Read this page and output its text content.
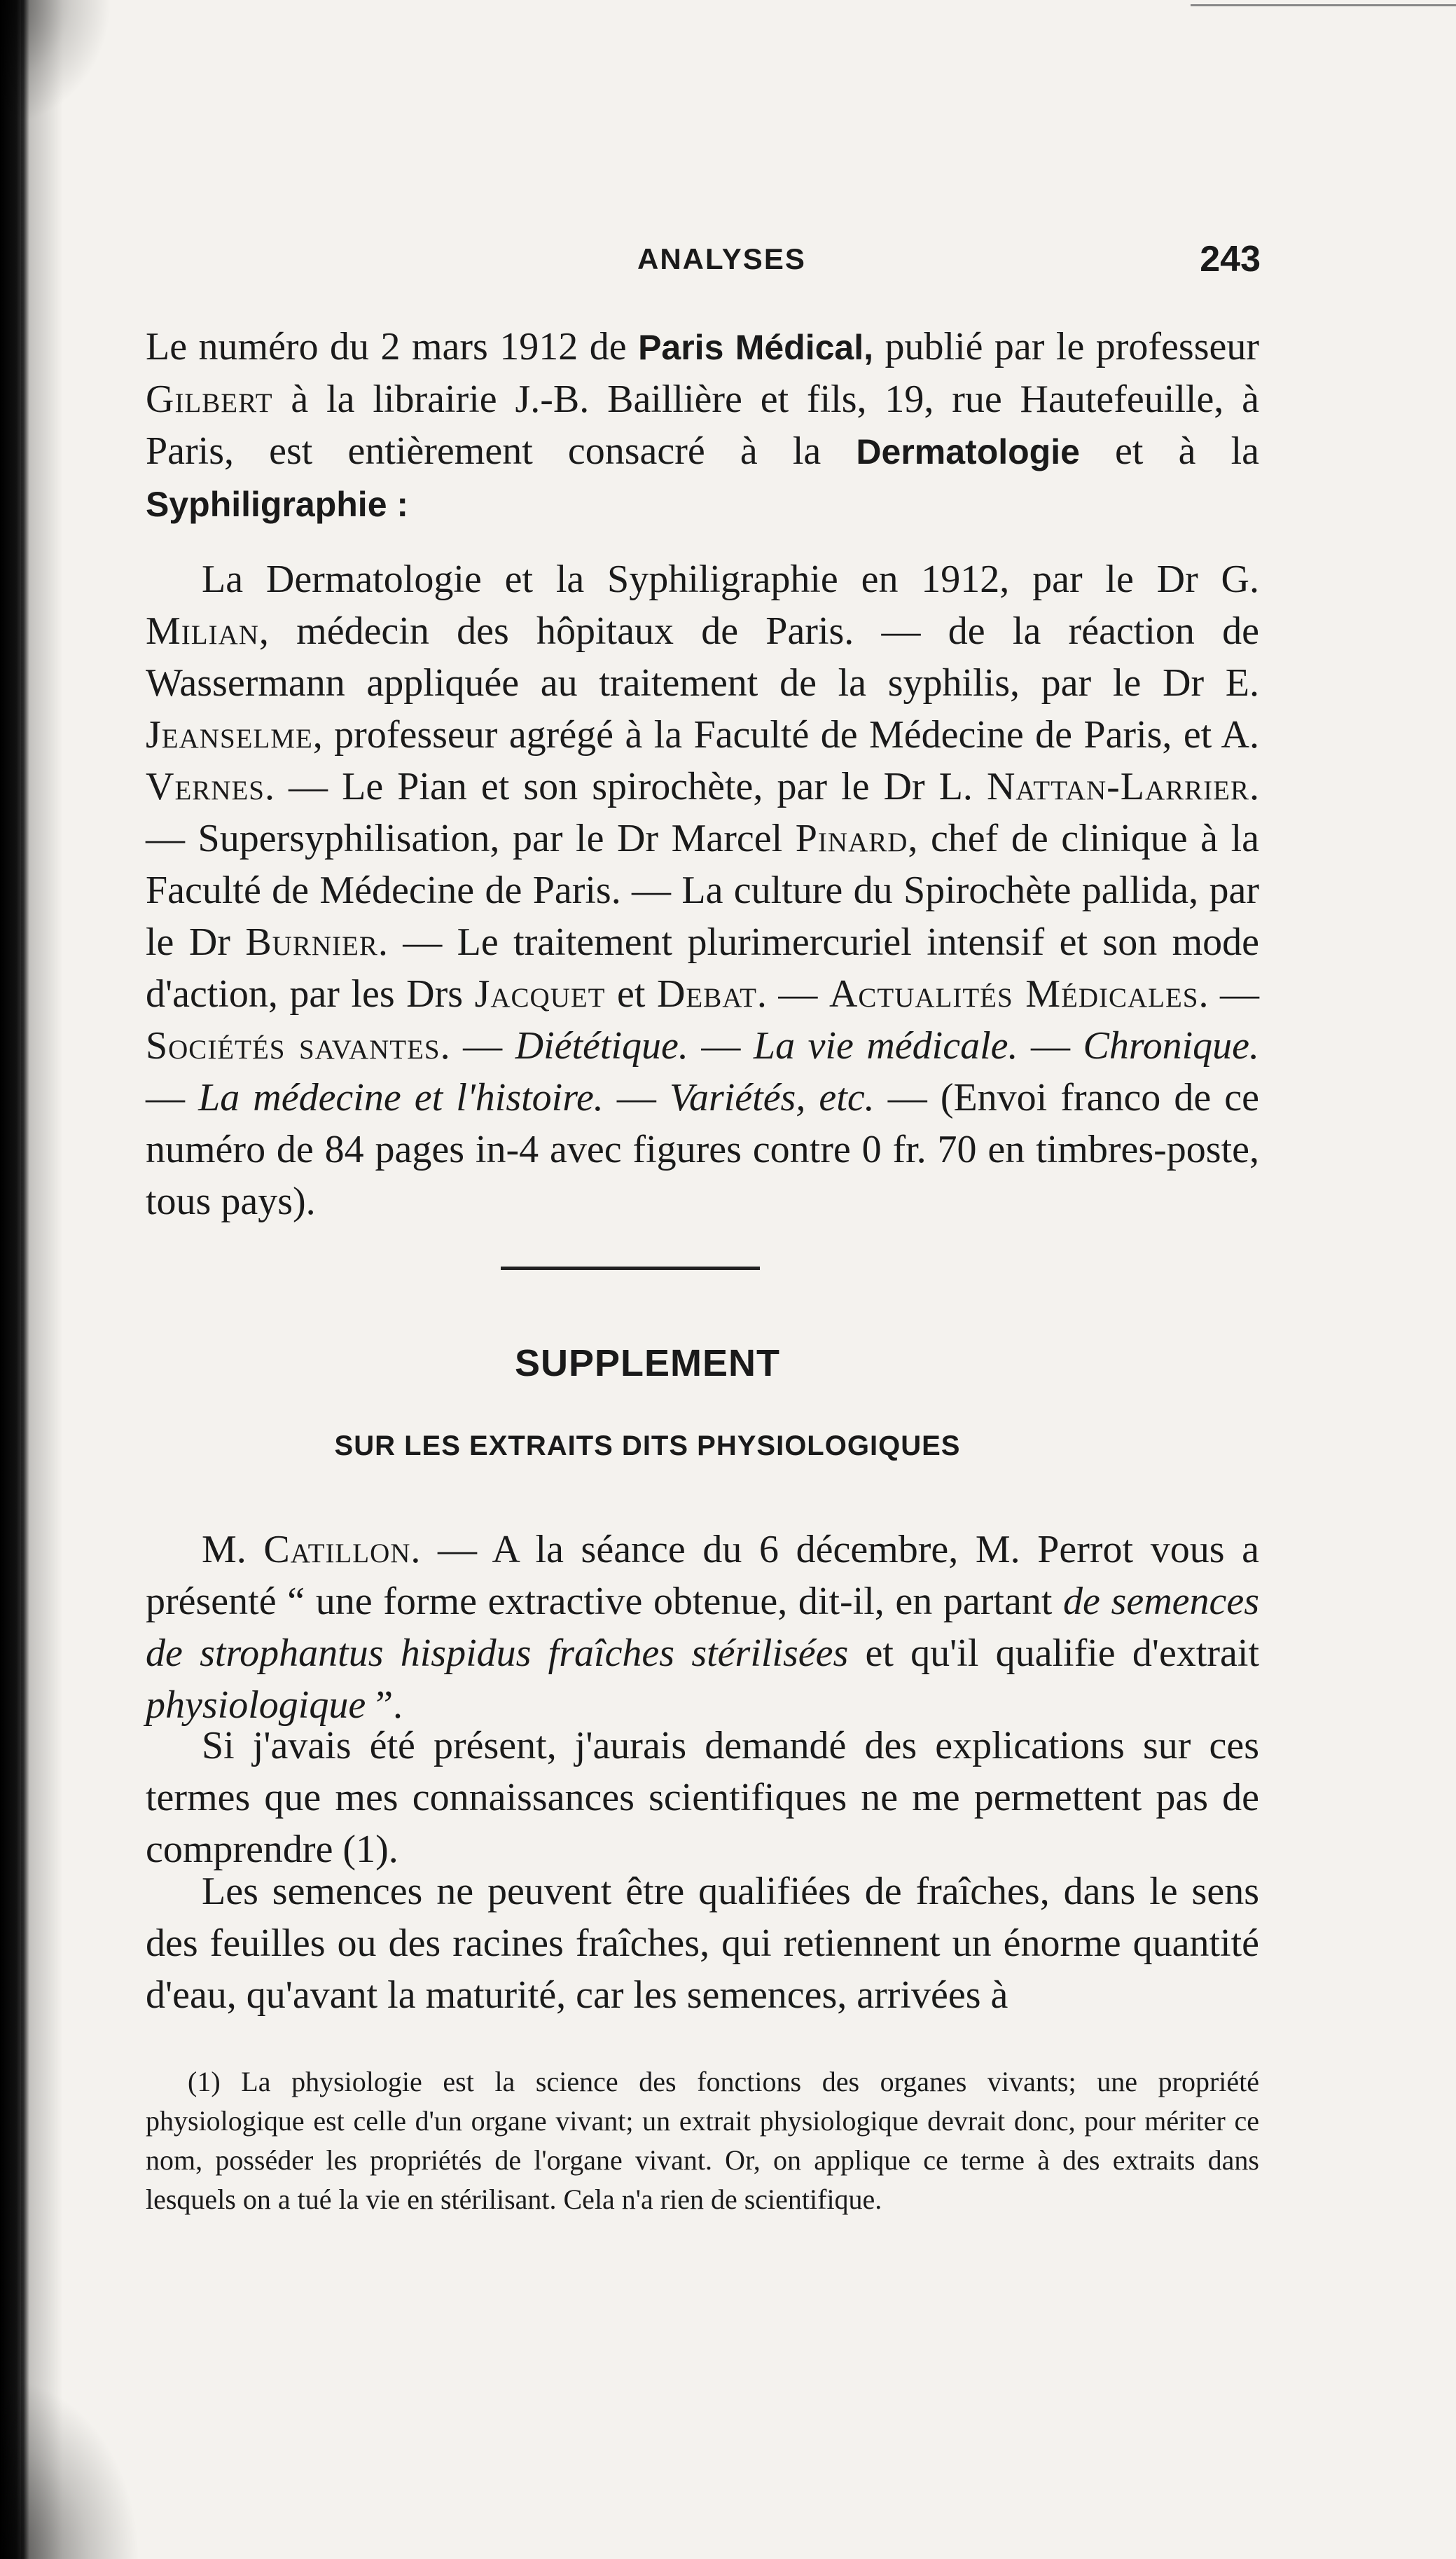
ANALYSES	243
Le numéro du 2 mars 1912 de Paris Médical, publié par le professeur Gilbert à la librairie J.-B. Baillière et fils, 19, rue Hautefeuille, à Paris, est entièrement consacré à la Dermatologie et à la Syphiligraphie :
La Dermatologie et la Syphiligraphie en 1912, par le Dr G. Milian, médecin des hôpitaux de Paris. — de la réaction de Wassermann appliquée au traitement de la syphilis, par le Dr E. Jeanselme, professeur agrégé à la Faculté de Médecine de Paris, et A. Vernes. — Le Pian et son spirochète, par le Dr L. Nattan-Larrier. — Supersyphilisation, par le Dr Marcel Pinard, chef de clinique à la Faculté de Médecine de Paris. — La culture du Spirochète pallida, par le Dr Burnier. — Le traitement plurimercuriel intensif et son mode d'action, par les Drs Jacquet et Debat. — Actualités Médicales. — Sociétés savantes. — Diététique. — La vie médicale. — Chronique. — La médecine et l'histoire. — Variétés, etc. — (Envoi franco de ce numéro de 84 pages in-4 avec figures contre 0 fr. 70 en timbres-poste, tous pays).
SUPPLEMENT
SUR LES EXTRAITS DITS PHYSIOLOGIQUES
M. Catillon. — A la séance du 6 décembre, M. Perrot vous a présenté “ une forme extractive obtenue, dit-il, en partant de semences de strophantus hispidus fraîches stérilisées et qu'il qualifie d'extrait physiologique ”.
Si j'avais été présent, j'aurais demandé des explications sur ces termes que mes connaissances scientifiques ne me permettent pas de comprendre (1).
Les semences ne peuvent être qualifiées de fraîches, dans le sens des feuilles ou des racines fraîches, qui retiennent un énorme quantité d'eau, qu'avant la maturité, car les semences, arrivées à
(1) La physiologie est la science des fonctions des organes vivants; une propriété physiologique est celle d'un organe vivant; un extrait physiologique devrait donc, pour mériter ce nom, posséder les propriétés de l'organe vivant. Or, on applique ce terme à des extraits dans lesquels on a tué la vie en stérilisant. Cela n'a rien de scientifique.
